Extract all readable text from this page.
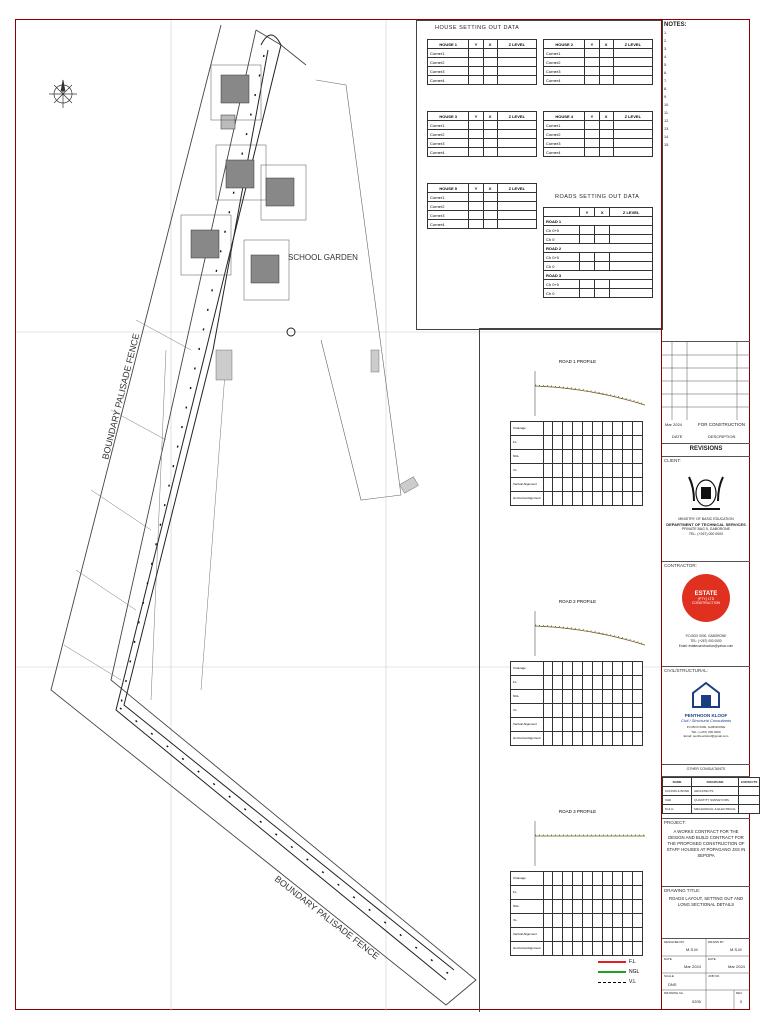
SCHOOL GARDEN
BOUNDARY PALISADE FENCE
BOUNDARY PALISADE FENCE
HOUSE SETTING OUT DATA
HOUSE 1	Y	X	Z LEVEL
Corner1			
Corner2			
Corner3			
Corner4			
HOUSE 2	Y	X	Z LEVEL
Corner1			
Corner2			
Corner3			
Corner4			
HOUSE 3	Y	X	Z LEVEL
Corner1			
Corner2			
Corner3			
Corner4			
HOUSE 4	Y	X	Z LEVEL
Corner1			
Corner2			
Corner3			
Corner4			
HOUSE 5	Y	X	Z LEVEL
Corner1			
Corner2			
Corner3			
Corner4			
ROADS SETTING OUT DATA
	Y	X	Z LEVEL
ROAD 1			
Ch 0+0			
Ch 0			
ROAD 2			
Ch 0+0			
Ch 0			
ROAD 3			
Ch 0+0			
Ch 0			
ROAD 1 PROFILE
Chainage										
F.L										
NGL										
V.L										
Vertical Alignment										
Horizontal Alignment										
ROAD 2 PROFILE
Chainage										
F.L										
NGL										
V.L										
Vertical Alignment										
Horizontal Alignment										
ROAD 3 PROFILE
Chainage										
F.L										
NGL										
V.L										
Vertical Alignment										
Horizontal Alignment										
F.L
NGL
V.L
NOTES:

1.

2.

3.

4.

5.

6.

7.

8.

9.

10.

11.

12.

13.

14.

15.

Mar 2024	FOR CONSTRUCTION
DATE	DESCRIPTION
REVISIONS
CLIENT:
MINISTRY OF BASIC EDUCATION
DEPARTMENT OF TECHNICAL SERVICES
PRIVATE BAG 5, GABORONE
TEL: (+267) 000 0000
CONTRACTOR:
ESTATE
(PTY) LTD
CONSTRUCTION
P.O.BOX 0000, GABORONE
TEL: (+267) 000 0000
Email: estateconstruction@yahoo.com
CIVIL/STRUCTURAL:
PENTHOON KLOOF
Civil / Structural Consultants
P.O.BOX 0000, GABORONE
TEL: (+267) 000 0000
Email: penthoonkloof@gmail.com
OTHER CONSULTANTS
NAME	DISCIPLINE	CONTACTS
COUNIN & BOND	ARCHITECTS	
K&D	QUANTITY SURVEYORS	
M & G	MECHANICAL & ELECTRICAL	
PROJECT:
A WORKS CONTRACT FOR THE DESIGN AND BUILD CONTRACT FOR THE PROPOSED CONSTRUCTION OF STAFF HOUSES AT POPAGANO JSS IN SEPOPA
DRAWING TITLE:
ROADS LAYOUT, SETTING OUT AND LONG SECTIONAL DETAILS
DESIGNED BY
M.S.M
DRAWN BY
M.S.M
DATE
Mar 2024
DATE
Mar 2024
SCALE
DNS
JOB NO.
DRAWING No.
0205
REV
0
